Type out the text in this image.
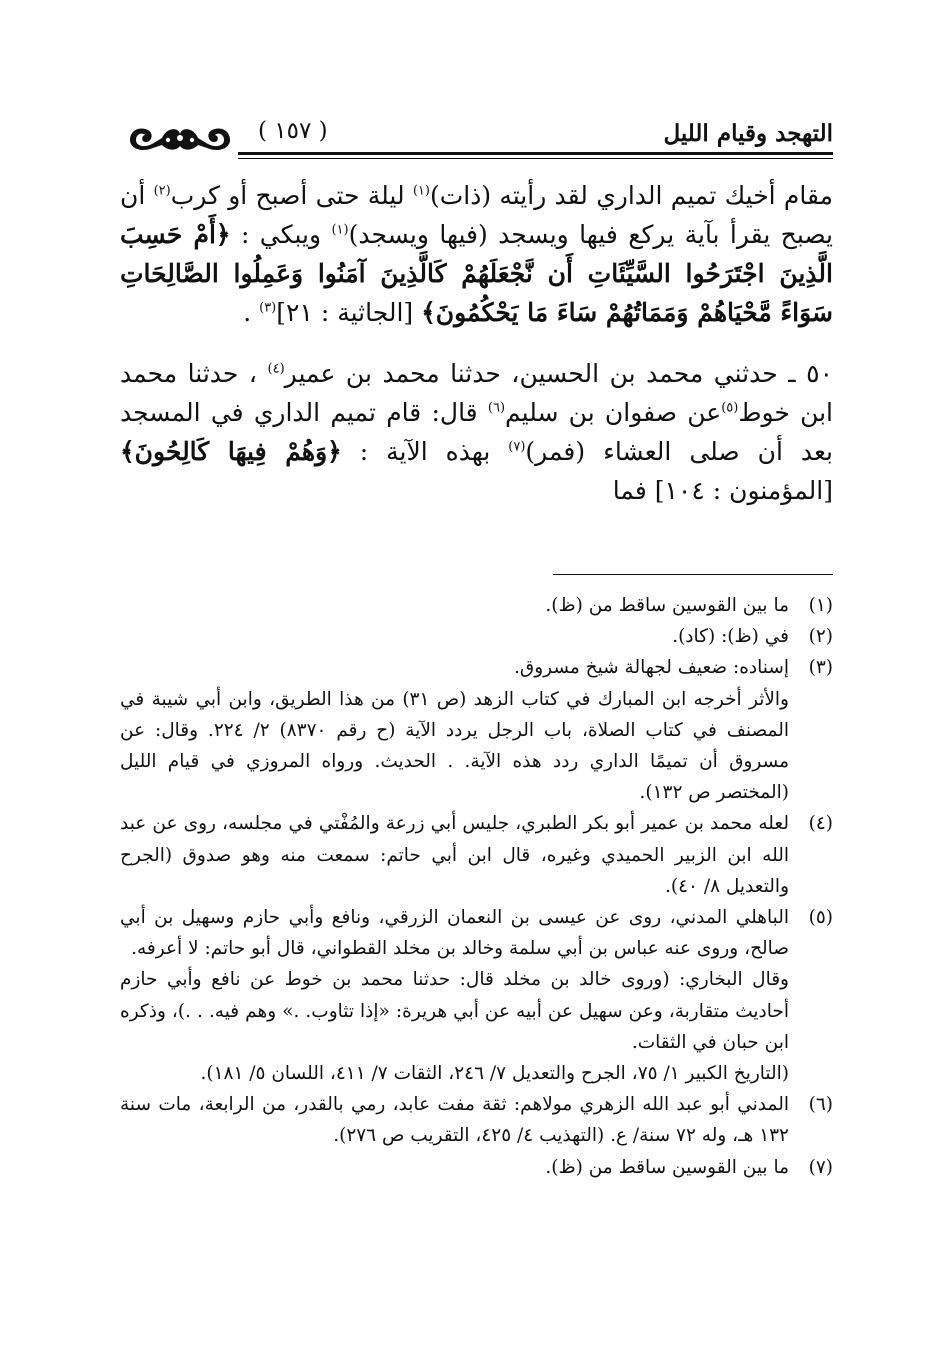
التهجد وقيام الليل
( ١٥٧ )

مقام أخيك تميم الداري لقد رأيته (ذات)$^{(١)}$ ليلة حتى أصبح أو كرب$^{(٢)}$ أن يصبح يقرأ بآية يركع فيها ويسجد (فيها ويسجد)$^{(١)}$ ويبكي : ﴿أَمْ حَسِبَ الَّذِينَ اجْتَرَحُوا السَّيِّئَاتِ أَن نَّجْعَلَهُمْ كَالَّذِينَ آمَنُوا وَعَمِلُوا الصَّالِحَاتِ سَوَاءً مَّحْيَاهُمْ وَمَمَاتُهُمْ سَاءَ مَا يَحْكُمُونَ﴾ [الجاثية : ٢١]$^{(٣)}$ .

٥٠ ـ حدثني محمد بن الحسين، حدثنا محمد بن عمير$^{(٤)}$ ، حدثنا محمد ابن خوط$^{(٥)}$عن صفوان بن سليم$^{(٦)}$ قال: قام تميم الداري في المسجد بعد أن صلى العشاء (فمر)$^{(٧)}$ بهذه الآية : ﴿وَهُمْ فِيهَا كَالِحُونَ﴾ [المؤمنون : ١٠٤] فما

(١)
ما بين القوسين ساقط من (ظ).
(٢)
في (ظ): (كاد).
(٣)
إسناده: ضعيف لجهالة شيخ مسروق.

والأثر أخرجه ابن المبارك في كتاب الزهد (ص ٣١) من هذا الطريق، وابن أبي شيبة في المصنف في كتاب الصلاة، باب الرجل يردد الآية (ح رقم ٨٣٧٠) ٢/ ٢٢٤. وقال: عن مسروق أن تميمًا الداري ردد هذه الآية. . الحديث. ورواه المروزي في قيام الليل (المختصر ص ١٣٢).

(٤)
لعله محمد بن عمير أبو بكر الطبري، جليس أبي زرعة والمُفْتي في مجلسه، روى عن عبد الله ابن الزبير الحميدي وغيره، قال ابن أبي حاتم: سمعت منه وهو صدوق (الجرح والتعديل ٨/ ٤٠).
(٥)
الباهلي المدني، روى عن عيسى بن النعمان الزرقي، ونافع وأبي حازم وسهيل بن أبي صالح، وروى عنه عباس بن أبي سلمة وخالد بن مخلد القطواني، قال أبو حاتم: لا أعرفه.

وقال البخاري: (وروى خالد بن مخلد قال: حدثنا محمد بن خوط عن نافع وأبي حازم أحاديث متقاربة، وعن سهيل عن أبيه عن أبي هريرة: «إذا تثاوب. .» وهم فيه. . .)، وذكره ابن حبان في الثقات.

(التاريخ الكبير ١/ ٧٥، الجرح والتعديل ٧/ ٢٤٦، الثقات ٧/ ٤١١، اللسان ٥/ ١٨١).

(٦)
المدني أبو عبد الله الزهري مولاهم: ثقة مفت عابد، رمي بالقدر، من الرابعة، مات سنة ١٣٢ هـ، وله ٧٢ سنة/ ع. (التهذيب ٤/ ٤٢٥، التقريب ص ٢٧٦).
(٧)
ما بين القوسين ساقط من (ظ).
